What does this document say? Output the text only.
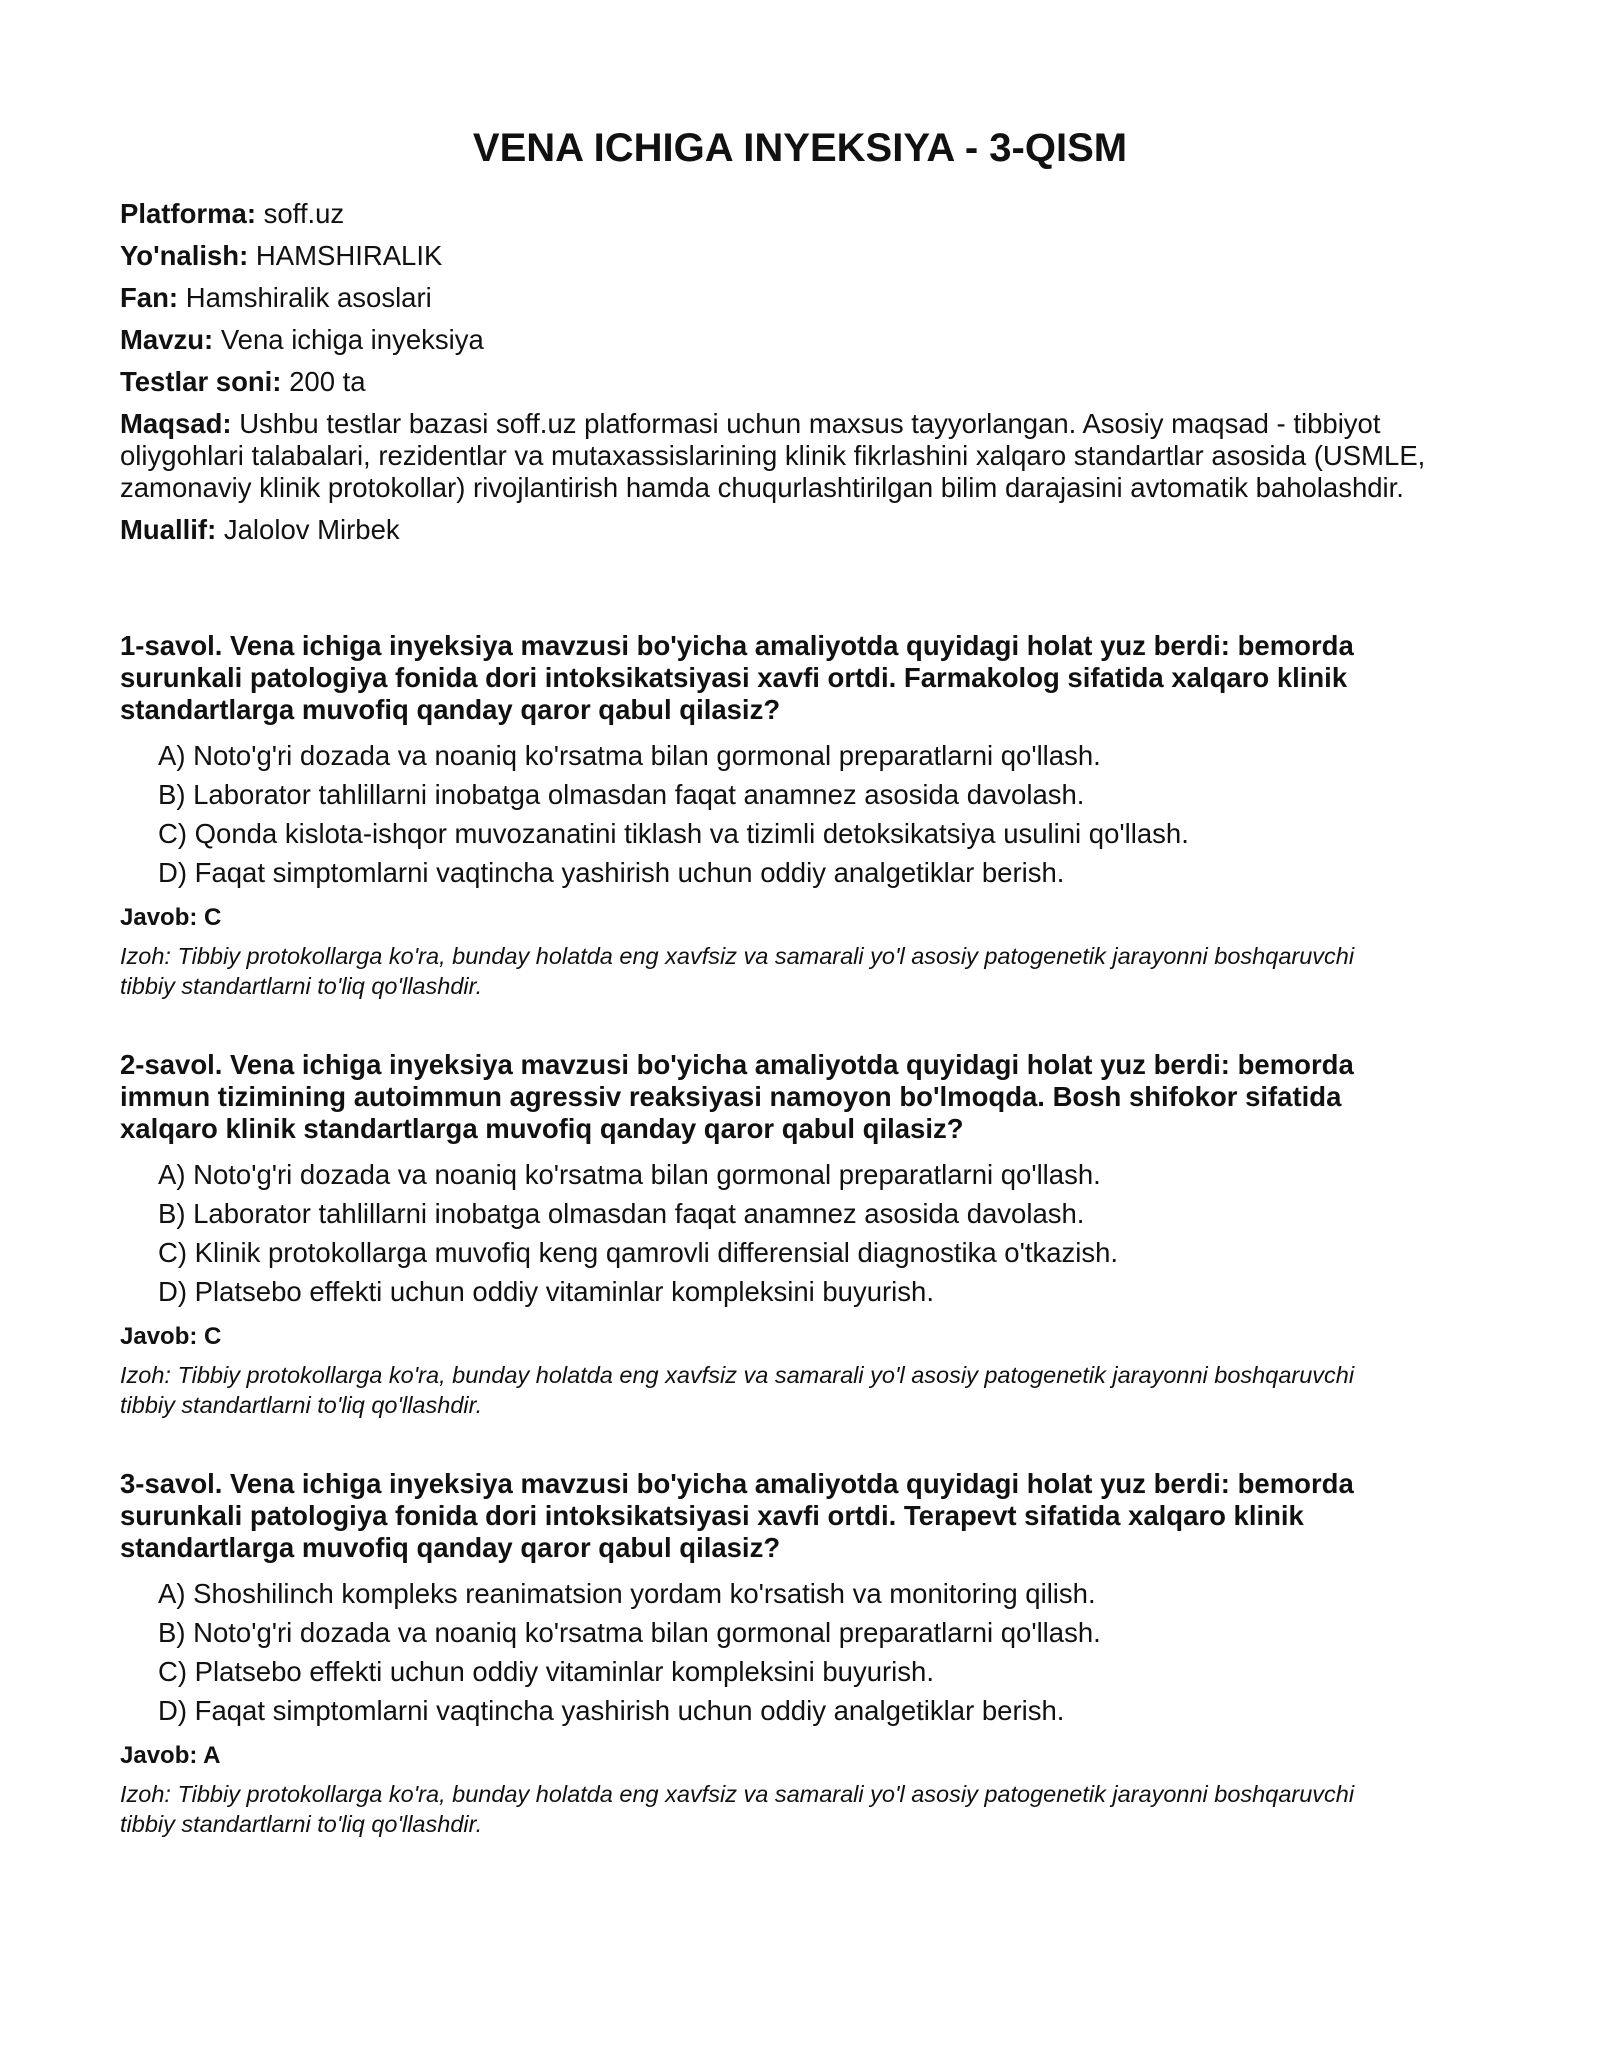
VENA ICHIGA INYEKSIYA - 3-QISM

Platforma: soff.uz

Yo'nalish: HAMSHIRALIK

Fan: Hamshiralik asoslari

Mavzu: Vena ichiga inyeksiya

Testlar soni: 200 ta

Maqsad: Ushbu testlar bazasi soff.uz platformasi uchun maxsus tayyorlangan. Asosiy maqsad - tibbiyot oliygohlari talabalari, rezidentlar va mutaxassislarining klinik fikrlashini xalqaro standartlar asosida (USMLE, zamonaviy klinik protokollar) rivojlantirish hamda chuqurlashtirilgan bilim darajasini avtomatik baholashdir.

Muallif: Jalolov Mirbek

1-savol. Vena ichiga inyeksiya mavzusi bo'yicha amaliyotda quyidagi holat yuz berdi: bemorda surunkali patologiya fonida dori intoksikatsiyasi xavfi ortdi. Farmakolog sifatida xalqaro klinik standartlarga muvofiq qanday qaror qabul qilasiz?

A) Noto'g'ri dozada va noaniq ko'rsatma bilan gormonal preparatlarni qo'llash.
B) Laborator tahlillarni inobatga olmasdan faqat anamnez asosida davolash.
C) Qonda kislota-ishqor muvozanatini tiklash va tizimli detoksikatsiya usulini qo'llash.
D) Faqat simptomlarni vaqtincha yashirish uchun oddiy analgetiklar berish.

Javob: C

Izoh: Tibbiy protokollarga ko'ra, bunday holatda eng xavfsiz va samarali yo'l asosiy patogenetik jarayonni boshqaruvchi tibbiy standartlarni to'liq qo'llashdir.

2-savol. Vena ichiga inyeksiya mavzusi bo'yicha amaliyotda quyidagi holat yuz berdi: bemorda immun tizimining autoimmun agressiv reaksiyasi namoyon bo'lmoqda. Bosh shifokor sifatida xalqaro klinik standartlarga muvofiq qanday qaror qabul qilasiz?

A) Noto'g'ri dozada va noaniq ko'rsatma bilan gormonal preparatlarni qo'llash.
B) Laborator tahlillarni inobatga olmasdan faqat anamnez asosida davolash.
C) Klinik protokollarga muvofiq keng qamrovli differensial diagnostika o'tkazish.
D) Platsebo effekti uchun oddiy vitaminlar kompleksini buyurish.

Javob: C

Izoh: Tibbiy protokollarga ko'ra, bunday holatda eng xavfsiz va samarali yo'l asosiy patogenetik jarayonni boshqaruvchi tibbiy standartlarni to'liq qo'llashdir.

3-savol. Vena ichiga inyeksiya mavzusi bo'yicha amaliyotda quyidagi holat yuz berdi: bemorda surunkali patologiya fonida dori intoksikatsiyasi xavfi ortdi. Terapevt sifatida xalqaro klinik standartlarga muvofiq qanday qaror qabul qilasiz?

A) Shoshilinch kompleks reanimatsion yordam ko'rsatish va monitoring qilish.
B) Noto'g'ri dozada va noaniq ko'rsatma bilan gormonal preparatlarni qo'llash.
C) Platsebo effekti uchun oddiy vitaminlar kompleksini buyurish.
D) Faqat simptomlarni vaqtincha yashirish uchun oddiy analgetiklar berish.

Javob: A

Izoh: Tibbiy protokollarga ko'ra, bunday holatda eng xavfsiz va samarali yo'l asosiy patogenetik jarayonni boshqaruvchi tibbiy standartlarni to'liq qo'llashdir.
